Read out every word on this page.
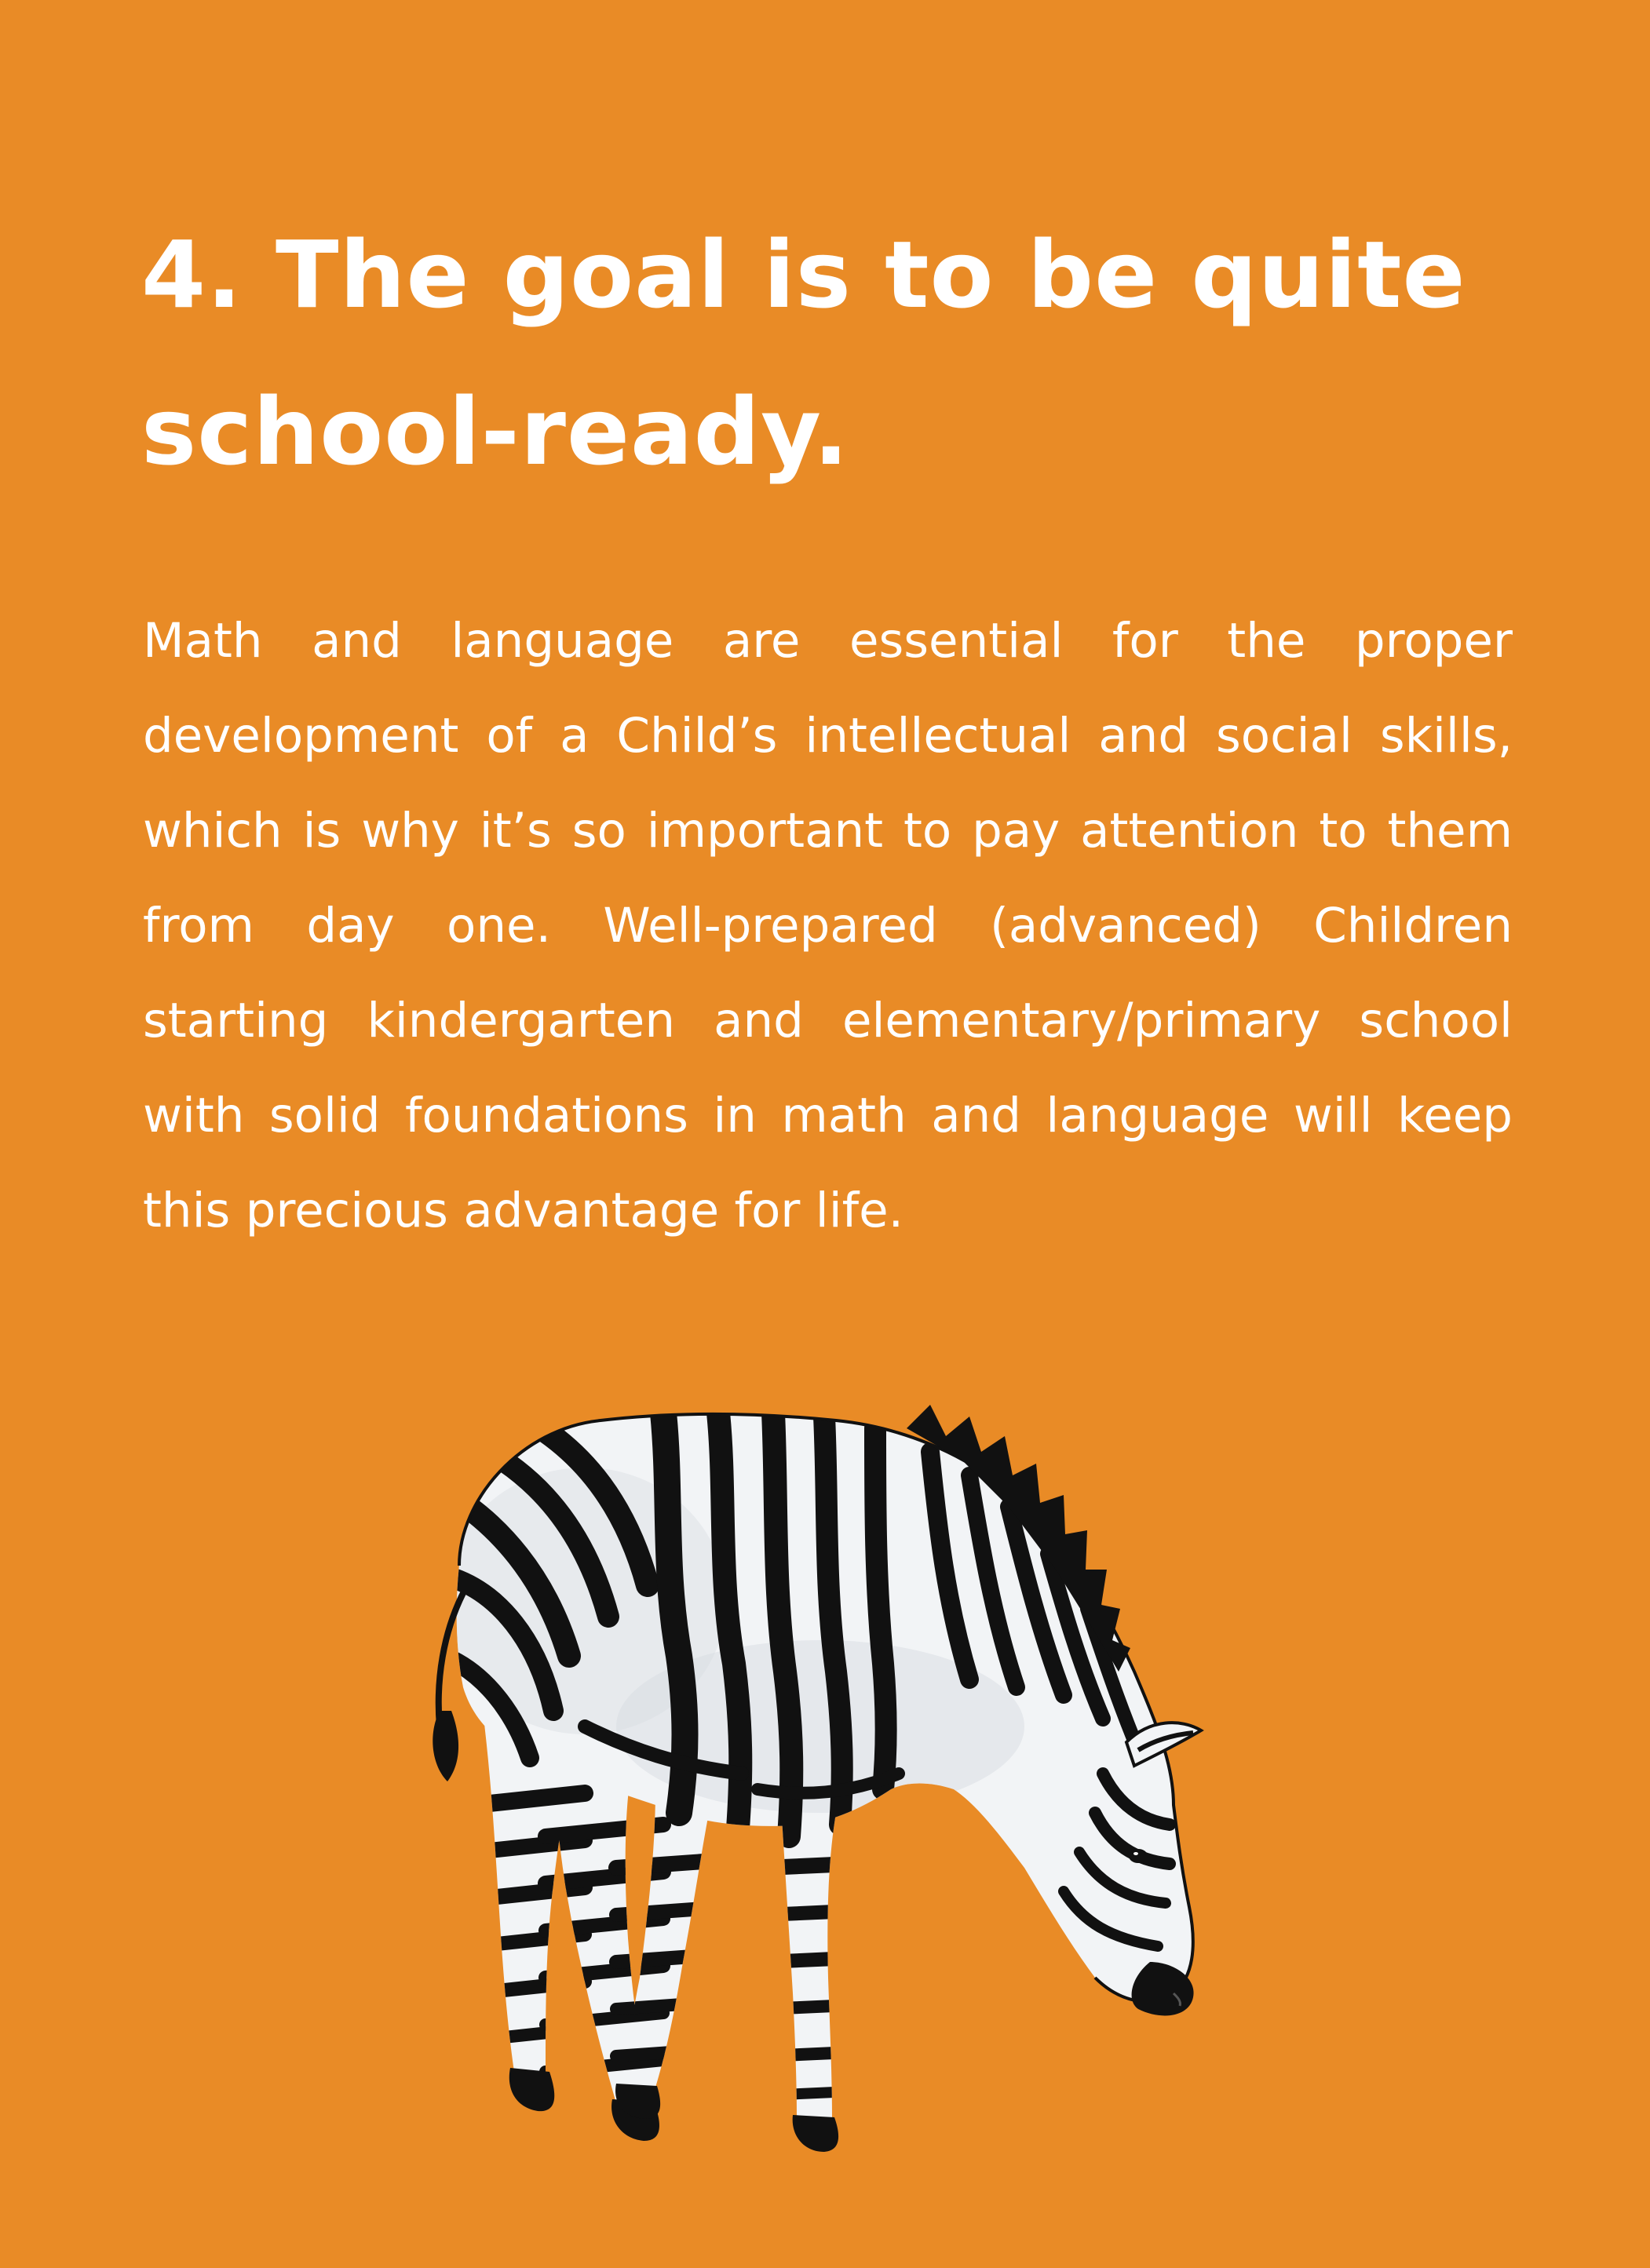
4. The goal is to be quite
school-ready.

Math and language are essential for the proper development of a Child’s intellectual and social skills, which is why it’s so important to pay attention to them from day one. Well-prepared (advanced) Children starting kindergarten and elementary/primary school with solid foundations in math and language will keep this precious advantage for life.
